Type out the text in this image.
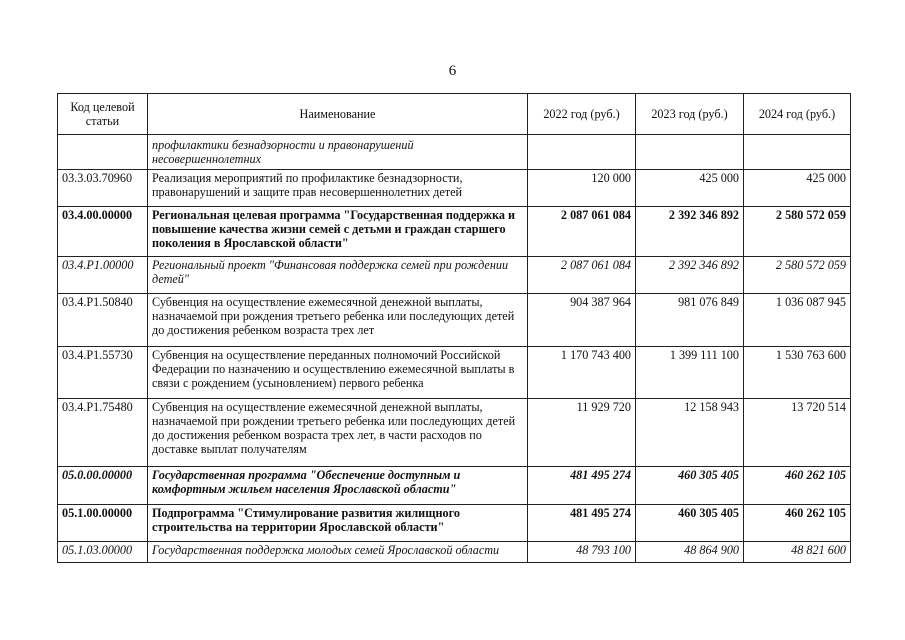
6
Код целевой статьи	Наименование	2022 год (руб.)	2023 год (руб.)	2024 год (руб.)
	профилактики безнадзорности и правонарушений несовершеннолетних			
03.3.03.70960	Реализация мероприятий по профилактике безнадзорности, правонарушений и защите прав несовершеннолетних детей	120 000	425 000	425 000
03.4.00.00000	Региональная целевая программа "Государственная поддержка и повышение качества жизни семей с детьми и граждан старшего поколения в Ярославской области"	2 087 061 084	2 392 346 892	2 580 572 059
03.4.P1.00000	Региональный проект "Финансовая поддержка семей при рождении детей"	2 087 061 084	2 392 346 892	2 580 572 059
03.4.P1.50840	Субвенция на осуществление ежемесячной денежной выплаты, назначаемой при рождения третьего ребенка или последующих детей до достижения ребенком возраста трех лет	904 387 964	981 076 849	1 036 087 945
03.4.P1.55730	Субвенция на осуществление переданных полномочий Российской Федерации по назначению и осуществлению ежемесячной выплаты в связи с рождением (усыновлением) первого ребенка	1 170 743 400	1 399 111 100	1 530 763 600
03.4.P1.75480	Субвенция на осуществление ежемесячной денежной выплаты, назначаемой при рождении третьего ребенка или последующих детей до достижения ребенком возраста трех лет, в части расходов по доставке выплат получателям	11 929 720	12 158 943	13 720 514
05.0.00.00000	Государственная программа "Обеспечение доступным и комфортным жильем населения Ярославской области"	481 495 274	460 305 405	460 262 105
05.1.00.00000	Подпрограмма "Стимулирование развития жилищного строительства на территории Ярославской области"	481 495 274	460 305 405	460 262 105
05.1.03.00000	Государственная поддержка молодых семей Ярославской области	48 793 100	48 864 900	48 821 600
